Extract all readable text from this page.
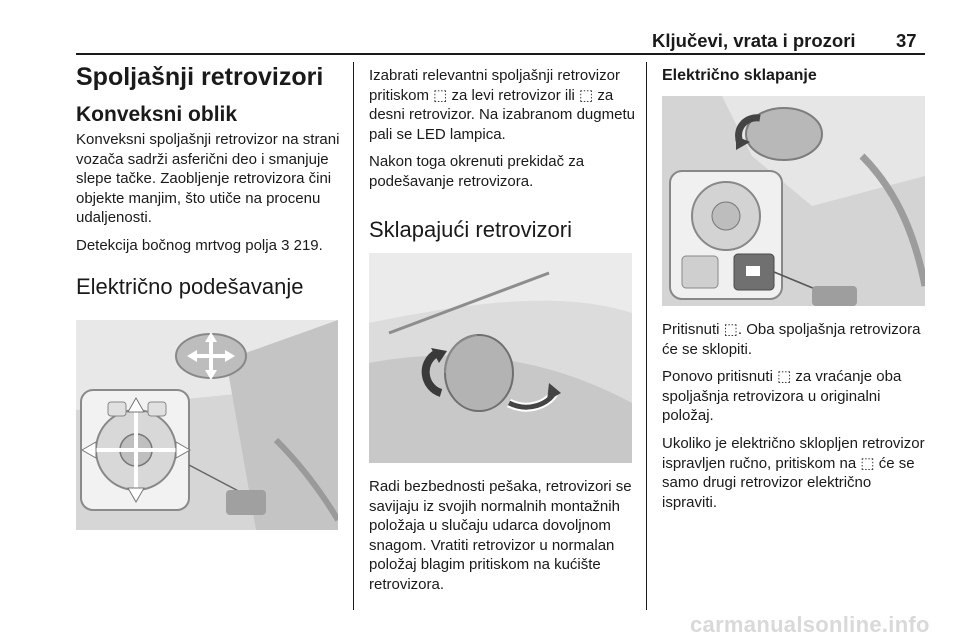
Ključevi, vrata i prozori 37
Spoljašnji retrovizori
Konveksni oblik

Konveksni spoljašnji retrovizor na strani vozača sadrži asferični deo i smanjuje slepe tačke. Zaobljenje retrovizora čini objekte manjim, što utiče na procenu udaljenosti.

Detekcija bočnog mrtvog polja 3 219.

Električno podešavanje

Izabrati relevantni spoljašnji retrovizor pritiskom ⬚ za levi retrovizor ili ⬚ za desni retrovizor. Na izabranom dugmetu pali se LED lampica.

Nakon toga okrenuti prekidač za podešavanje retrovizora.

Sklapajući retrovizori

Radi bezbednosti pešaka, retrovizori se savijaju iz svojih normalnih montažnih položaja u slučaju udarca dovoljnom snagom. Vratiti retrovizor u normalan položaj blagim pritiskom na kućište retrovizora.

Električno sklapanje

Pritisnuti ⬚. Oba spoljašnja retrovizora će se sklopiti.

Ponovo pritisnuti ⬚ za vraćanje oba spoljašnja retrovizora u originalni položaj.

Ukoliko je električno sklopljen retrovizor ispravljen ručno, pritiskom na ⬚ će se samo drugi retrovizor električno ispraviti.

carmanualsonline.info
